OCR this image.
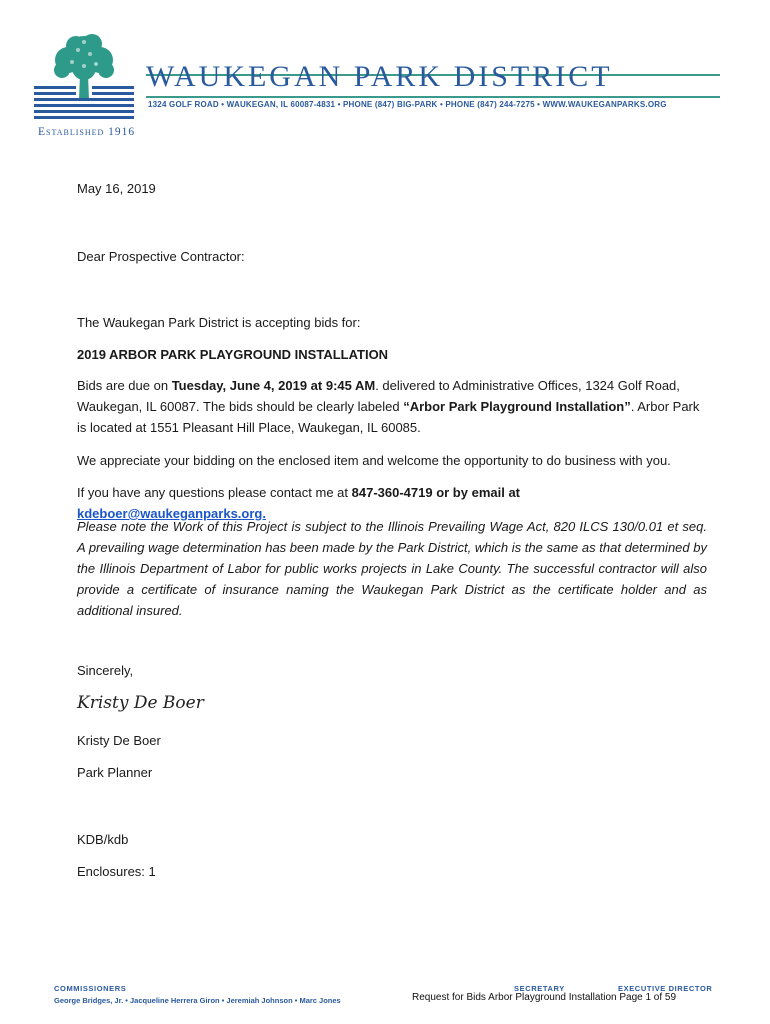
Established 1916
WAUKEGAN PARK DISTRICT
1324 GOLF ROAD • WAUKEGAN, IL 60087-4831 • PHONE (847) BIG-PARK • PHONE (847) 244-7275 • WWW.WAUKEGANPARKS.ORG

May 16, 2019

Dear Prospective Contractor:

The Waukegan Park District is accepting bids for:

2019 ARBOR PARK PLAYGROUND INSTALLATION

Bids are due on Tuesday, June 4, 2019 at 9:45 AM. delivered to Administrative Offices, 1324 Golf Road, Waukegan, IL 60087. The bids should be clearly labeled “Arbor Park Playground Installation”. Arbor Park is located at 1551 Pleasant Hill Place, Waukegan, IL 60085.

We appreciate your bidding on the enclosed item and welcome the opportunity to do business with you.

If you have any questions please contact me at 847-360-4719 or by email at kdeboer@waukeganparks.org.

Please note the Work of this Project is subject to the Illinois Prevailing Wage Act, 820 ILCS 130/0.01 et seq. A prevailing wage determination has been made by the Park District, which is the same as that determined by the Illinois Department of Labor for public works projects in Lake County. The successful contractor will also provide a certificate of insurance naming the Waukegan Park District as the certificate holder and as additional insured.

Sincerely,

Kristy De Boer

Kristy De Boer

Park Planner

KDB/kdb

Enclosures: 1

COMMISSIONERS
George Bridges, Jr. • Jacqueline Herrera Giron • Jeremiah Johnson • Marc Jones
SECRETARY	EXECUTIVE DIRECTOR
Request for Bids Arbor Playground Installation Page 1 of 59
